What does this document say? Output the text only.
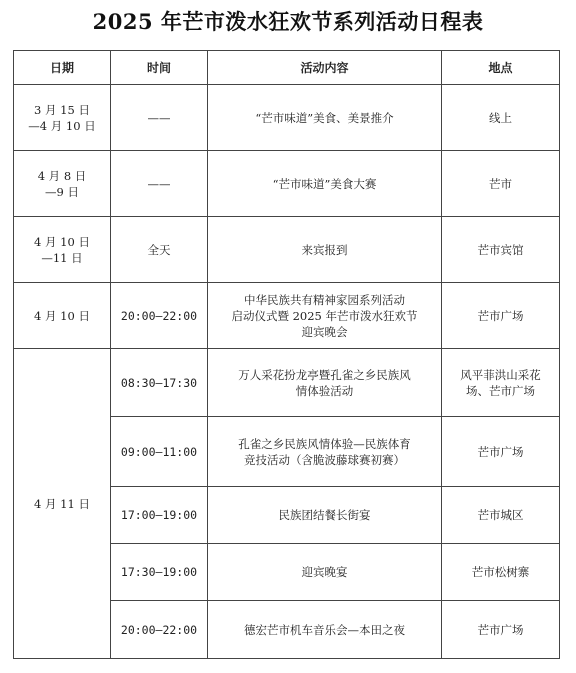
2025 年芒市泼水狂欢节系列活动日程表
日期	时间	活动内容	地点

3 月 15 日
—4 月 10 日	——	“芒市味道”美食、美景推介	线上

4 月 8 日
—9 日	——	“芒市味道”美食大赛	芒市

4 月 10 日
—11 日	全天	来宾报到	芒市宾馆

4 月 10 日	20:00—22:00	中华民族共有精神家园系列活动
启动仪式暨 2025 年芒市泼水狂欢节
迎宾晚会	芒市广场

4 月 11 日	08:30—17:30	万人采花扮龙亭暨孔雀之乡民族风
情体验活动	风平菲洪山采花
场、芒市广场

	09:00—11:00	孔雀之乡民族风情体验—民族体育
竞技活动（含脆波藤球赛初赛）	芒市广场

	17:00—19:00	民族团结餐长街宴	芒市城区

	17:30—19:00	迎宾晚宴	芒市松树寨

	20:00—22:00	德宏芒市机车音乐会—本田之夜	芒市广场
